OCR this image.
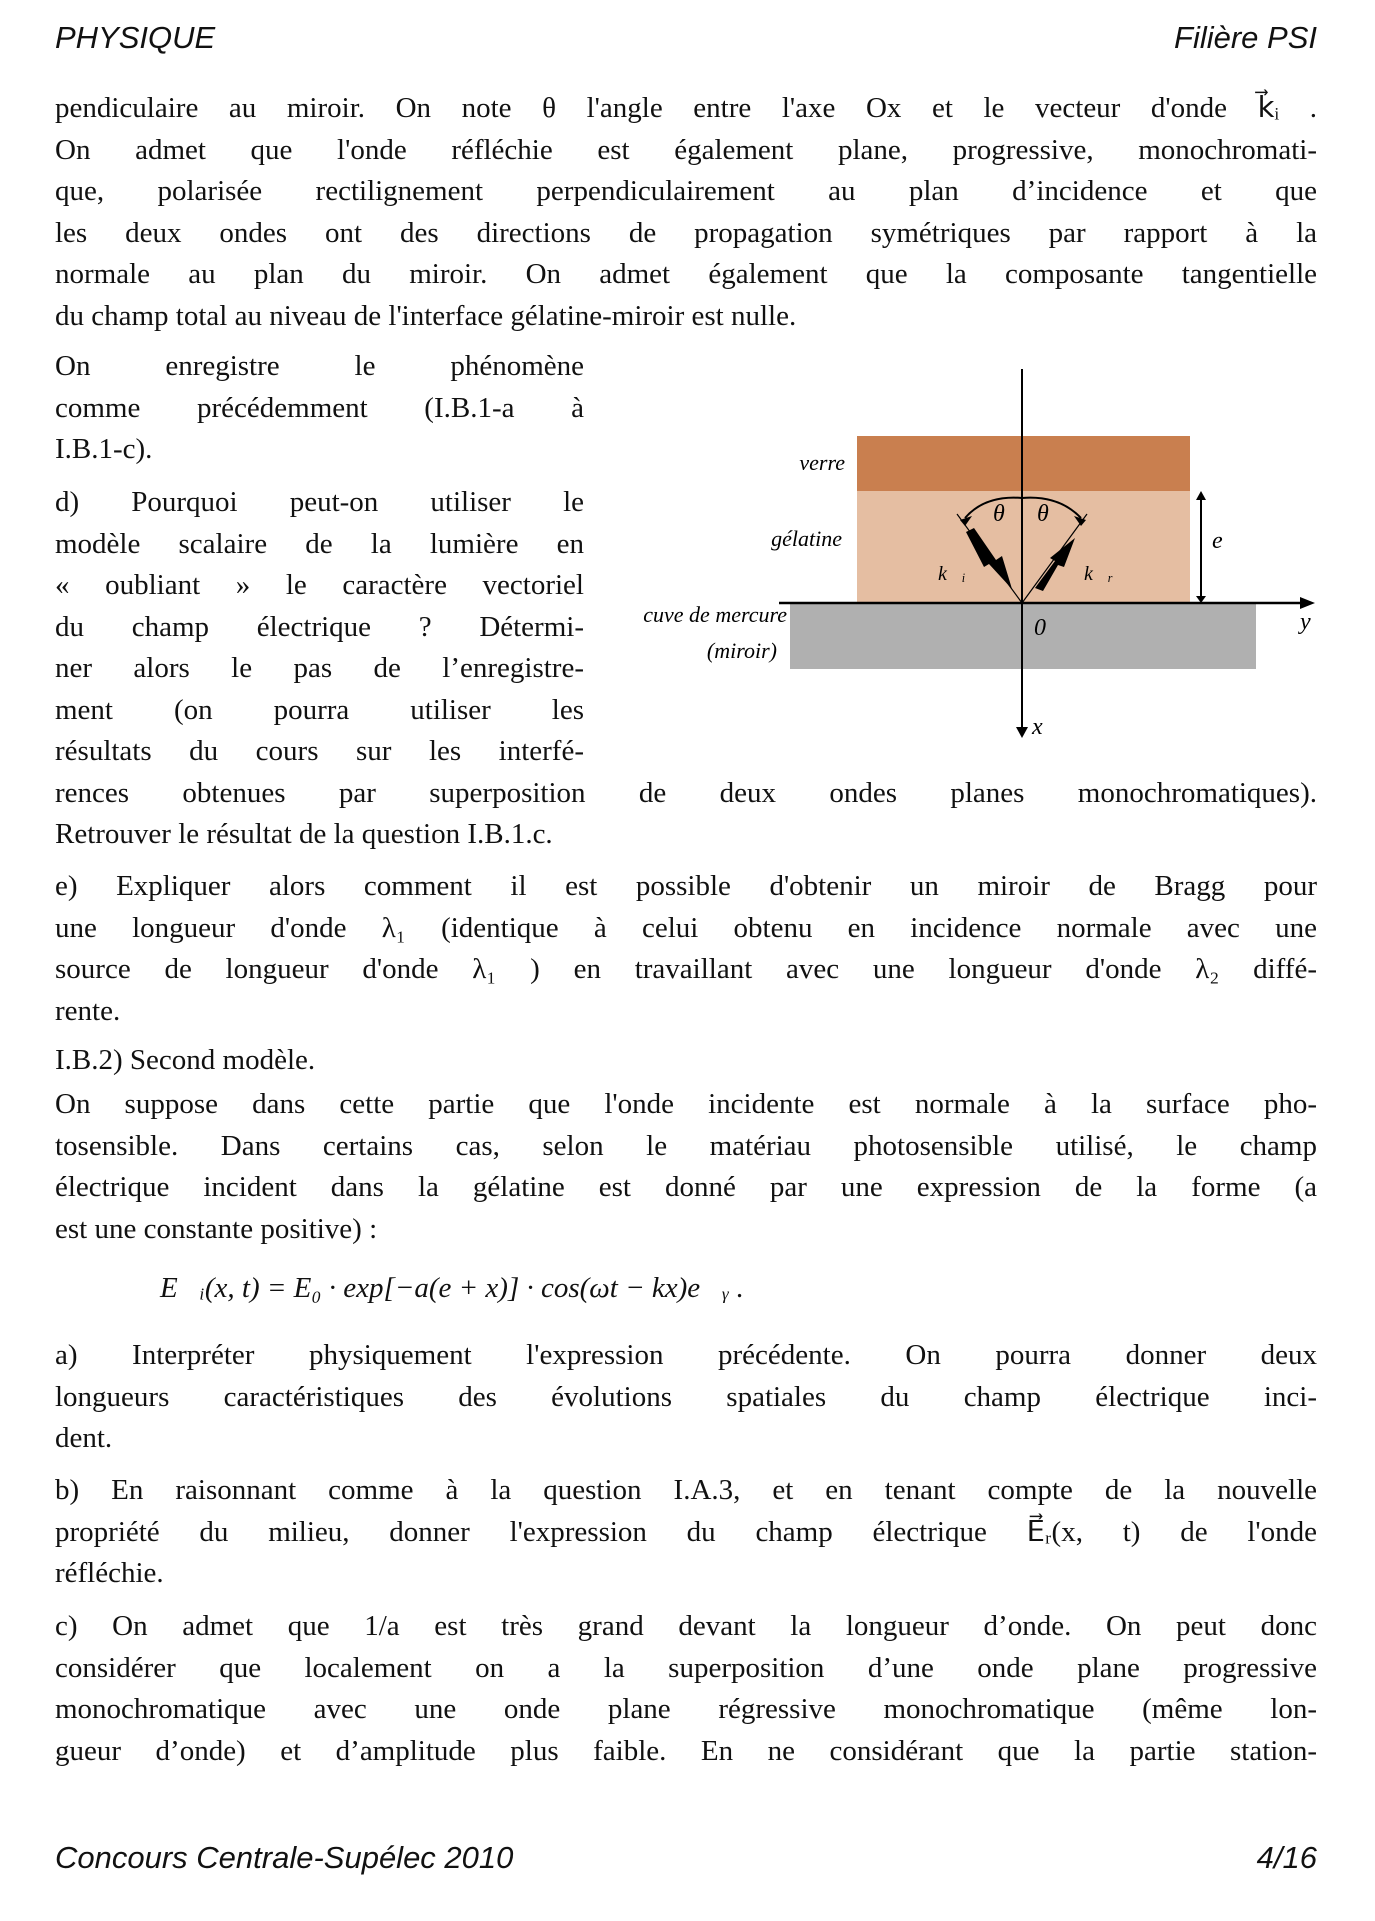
PHYSIQUE	Filière PSI
pendiculaire au miroir. On note θ l'angle entre l'axe Ox et le vecteur d'onde k⃗ᵢ .
On admet que l'onde réfléchie est également plane, progressive, monochromati-
que, polarisée rectilignement perpendiculairement au plan d’incidence et que
les deux ondes ont des directions de propagation symétriques par rapport à la
normale au plan du miroir. On admet également que la composante tangentielle
du champ total au niveau de l'interface gélatine-miroir est nulle.
On enregistre le phénomène
comme précédemment (I.B.1-a à
I.B.1-c).
d) Pourquoi peut-on utiliser le
modèle scalaire de la lumière en
« oubliant » le caractère vectoriel
du champ électrique ? Détermi-
ner alors le pas de l’enregistre-
ment (on pourra utiliser les
résultats du cours sur les interfé-
rences obtenues par superposition de deux ondes planes monochromatiques).
Retrouver le résultat de la question I.B.1.c.
e) Expliquer alors comment il est possible d'obtenir un miroir de Bragg pour
une longueur d'onde λ₁ (identique à celui obtenu en incidence normale avec une
source de longueur d'onde λ₁ ) en travaillant avec une longueur d'onde λ₂ diffé-
rente.
I.B.2) Second modèle.
On suppose dans cette partie que l'onde incidente est normale à la surface pho-
tosensible. Dans certains cas, selon le matériau photosensible utilisé, le champ
électrique incident dans la gélatine est donné par une expression de la forme (a
est une constante positive) :
a) Interpréter physiquement l'expression précédente. On pourra donner deux
longueurs caractéristiques des évolutions spatiales du champ électrique inci-
dent.
b) En raisonnant comme à la question I.A.3, et en tenant compte de la nouvelle
propriété du milieu, donner l'expression du champ électrique E⃗ᵣ(x, t) de l'onde
réfléchie.
c) On admet que 1/a est très grand devant la longueur d’onde. On peut donc
considérer que localement on a la superposition d’une onde plane progressive
monochromatique avec une onde plane régressive monochromatique (même lon-
gueur d’onde) et d’amplitude plus faible. En ne considérant que la partie station-
E⃗ᵢ(x, t) = E₀ · exp[−a(e + x)] · cos(ωt − kx)e⃗ᵧ .
θ θ
verre
gélatine
cuve de mercure
(miroir)
k⃗ᵢ	k⃗ᵣ
e
0	y
x
Concours Centrale-Supélec 2010	4/16
